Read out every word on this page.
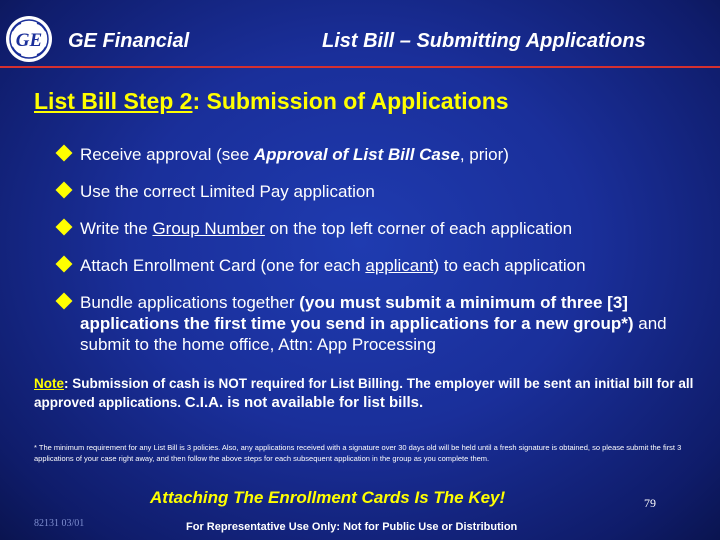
GE GE Financial	List Bill – Submitting Applications
List Bill Step 2: Submission of Applications
Receive approval (see Approval of List Bill Case, prior)
Use the correct Limited Pay application
Write the Group Number on the top left corner of each application
Attach Enrollment Card (one for each applicant) to each application
Bundle applications together (you must submit a minimum of three [3] applications the first time you send in applications for a new group*) and submit to the home office, Attn: App Processing
Note: Submission of cash is NOT required for List Billing. The employer will be sent an initial bill for all approved applications. C.I.A. is not available for list bills.
* The minimum requirement for any List Bill is 3 policies. Also, any applications received with a signature over 30 days old will be held until a fresh signature is obtained, so please submit the first 3 applications of your case right away, and then follow the above steps for each subsequent application in the group as you complete them.
Attaching The Enrollment Cards Is The Key!	79
82131 03/01	For Representative Use Only: Not for Public Use or Distribution
